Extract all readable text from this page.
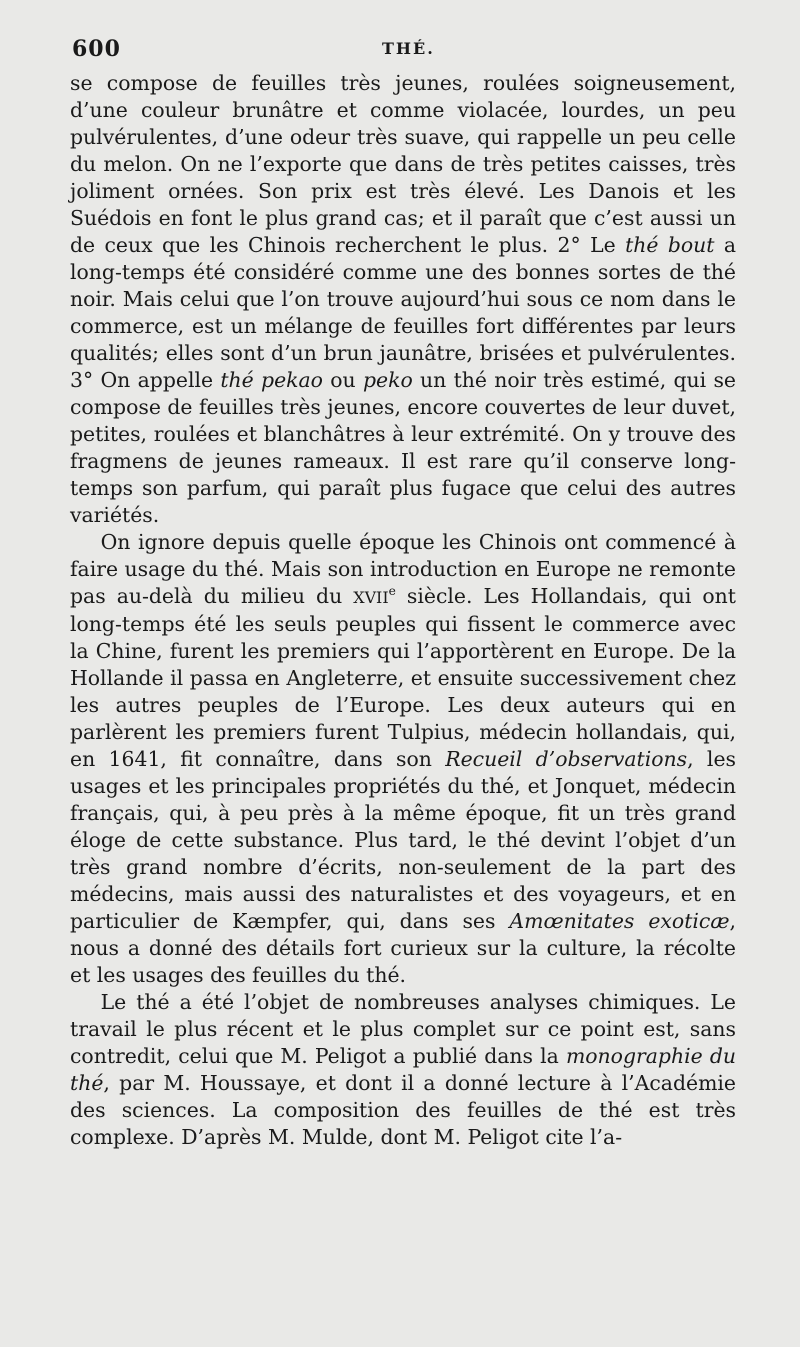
600	THÉ.

se compose de feuilles très jeunes, roulées soigneusement, d’une couleur brunâtre et comme violacée, lourdes, un peu pulvérulentes, d’une odeur très suave, qui rappelle un peu celle du melon. On ne l’exporte que dans de très petites caisses, très joliment ornées. Son prix est très élevé. Les Danois et les Suédois en font le plus grand cas; et il paraît que c’est aussi un de ceux que les Chinois recherchent le plus. 2° Le thé bout a long-temps été considéré comme une des bonnes sortes de thé noir. Mais celui que l’on trouve aujourd’hui sous ce nom dans le commerce, est un mélange de feuilles fort différentes par leurs qualités; elles sont d’un brun jaunâtre, brisées et pulvérulentes. 3° On appelle thé pekao ou peko un thé noir très estimé, qui se compose de feuilles très jeunes, encore couvertes de leur duvet, petites, roulées et blanchâtres à leur extrémité. On y trouve des fragmens de jeunes rameaux. Il est rare qu’il conserve long-temps son parfum, qui paraît plus fugace que celui des autres variétés.

On ignore depuis quelle époque les Chinois ont commencé à faire usage du thé. Mais son introduction en Europe ne remonte pas au-delà du milieu du XVIIe siècle. Les Hollandais, qui ont long-temps été les seuls peuples qui fissent le commerce avec la Chine, furent les premiers qui l’apportèrent en Europe. De la Hollande il passa en Angleterre, et ensuite successivement chez les autres peuples de l’Europe. Les deux auteurs qui en parlèrent les premiers furent Tulpius, médecin hollandais, qui, en 1641, fit connaître, dans son Recueil d’observations, les usages et les principales propriétés du thé, et Jonquet, médecin français, qui, à peu près à la même époque, fit un très grand éloge de cette substance. Plus tard, le thé devint l’objet d’un très grand nombre d’écrits, non-seulement de la part des médecins, mais aussi des naturalistes et des voyageurs, et en particulier de Kæmpfer, qui, dans ses Amœnitates exoticæ, nous a donné des détails fort curieux sur la culture, la récolte et les usages des feuilles du thé.

Le thé a été l’objet de nombreuses analyses chimiques. Le travail le plus récent et le plus complet sur ce point est, sans contredit, celui que M. Peligot a publié dans la monographie du thé, par M. Houssaye, et dont il a donné lecture à l’Académie des sciences. La composition des feuilles de thé est très complexe. D’après M. Mulde, dont M. Peligot cite l’a-
